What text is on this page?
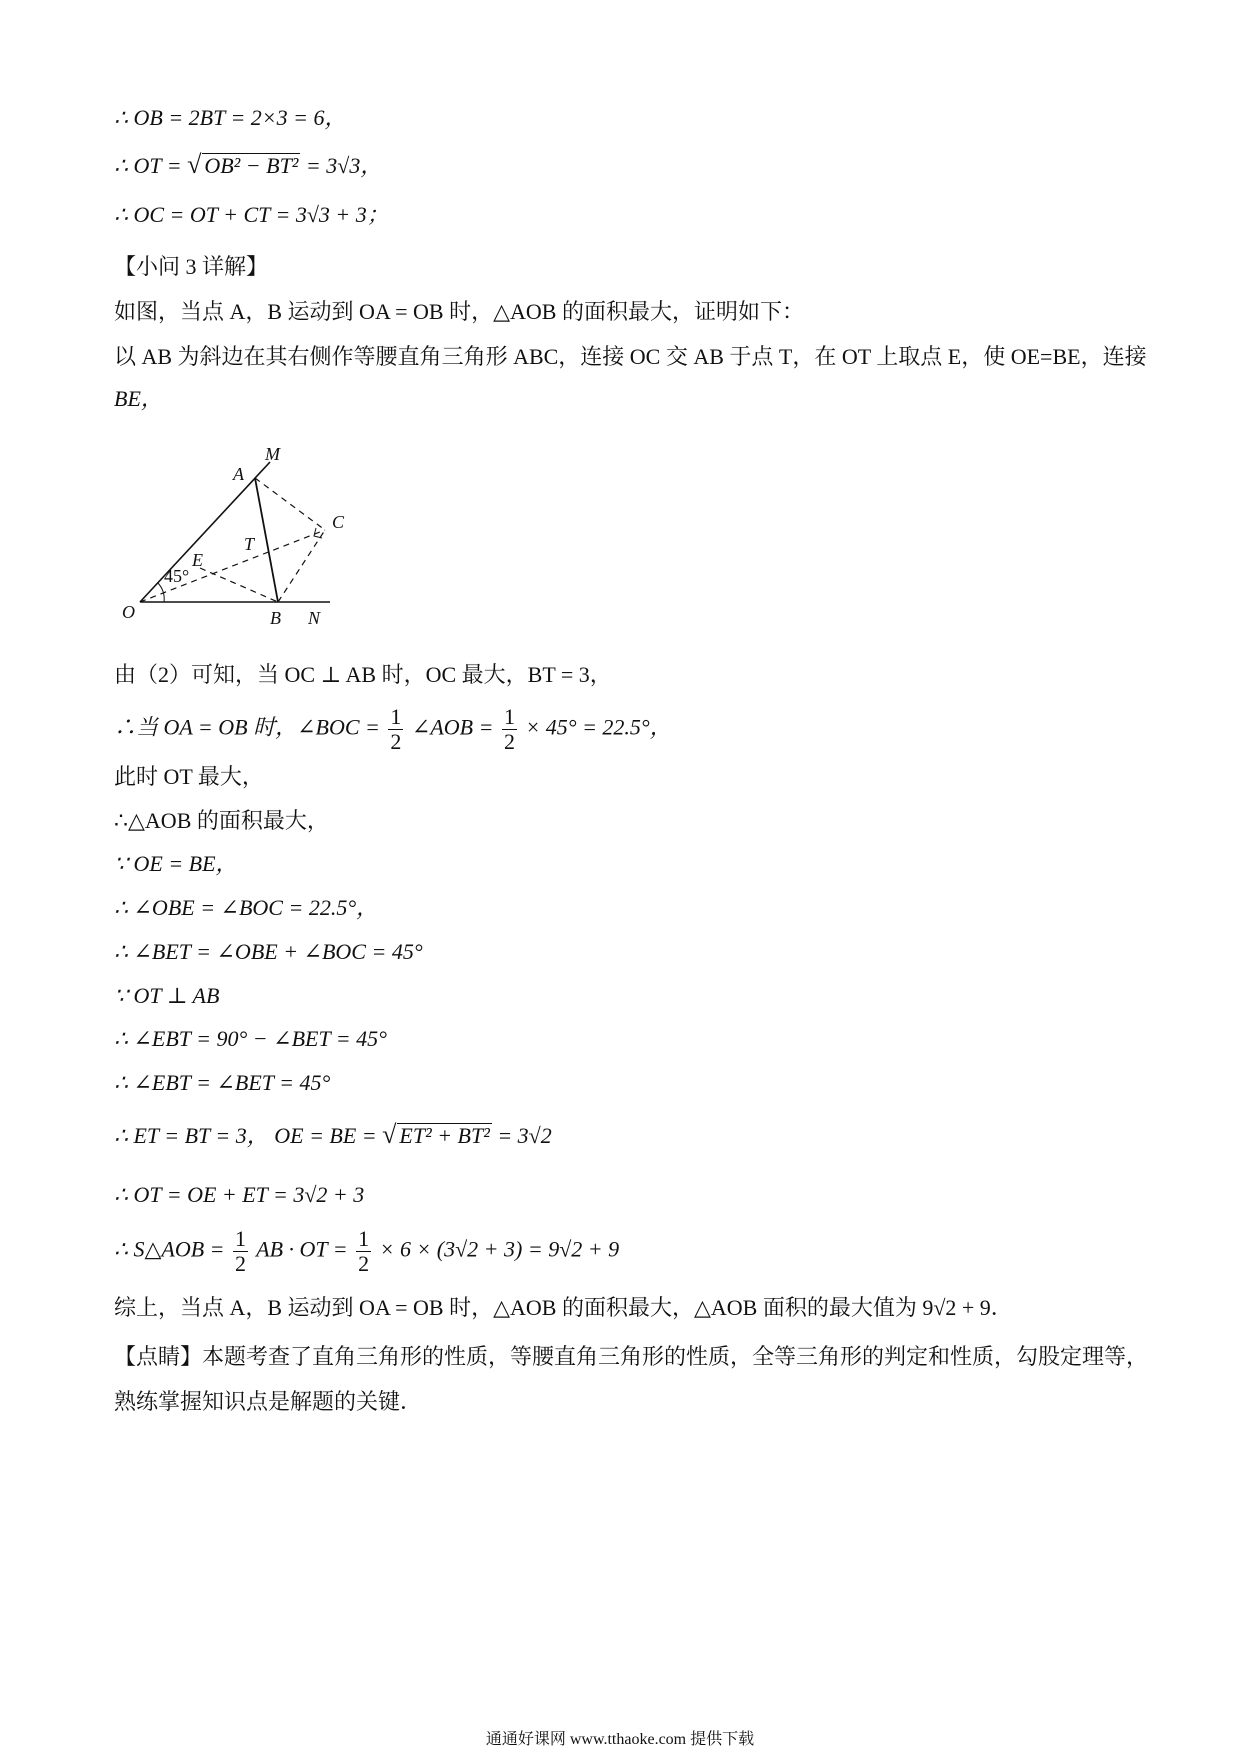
∴ OB = 2BT = 2×3 = 6，
∴ OT = √ OB² − BT² = 3√3，
∴ OC = OT + CT = 3√3 + 3；
【小问 3 详解】
如图，当点 A，B 运动到 OA = OB 时，△AOB 的面积最大，证明如下：
以 AB 为斜边在其右侧作等腰直角三角形 ABC，连接 OC 交 AB 于点 T，在 OT 上取点 E，使 OE=BE，连接
BE，
M
A
C
T
E
45°
O	B N
由（2）可知，当 OC ⊥ AB 时，OC 最大，BT = 3，
∴当 OA = OB 时，∠BOC = $\frac{1}{2}$ ∠AOB = $\frac{1}{2} \times 45^\circ = 22.5^\circ$，
此时 OT 最大，
∴△AOB 的面积最大，
∵ OE = BE，
∴ ∠OBE = ∠BOC = 22.5°，
∴ ∠BET = ∠OBE + ∠BOC = 45°
∵ OT ⊥ AB
∴ ∠EBT = 90° − ∠BET = 45°
∴ ∠EBT = ∠BET = 45°
∴ ET = BT = 3， OE = BE = √ ET² + BT² = 3√2
∴ OT = OE + ET = 3√2 + 3
∴ S△AOB = $\frac{1}{2}$ AB · OT = $\frac{1}{2} \times 6 \times (3√2 + 3) = 9√2 + 9$
综上，当点 A，B 运动到 OA = OB 时，△AOB 的面积最大，△AOB 面积的最大值为 9√2 + 9．
【点睛】本题考查了直角三角形的性质，等腰直角三角形的性质，全等三角形的判定和性质，勾股定理等，
熟练掌握知识点是解题的关键．
通通好课网 www.tthaoke.com 提供下载
